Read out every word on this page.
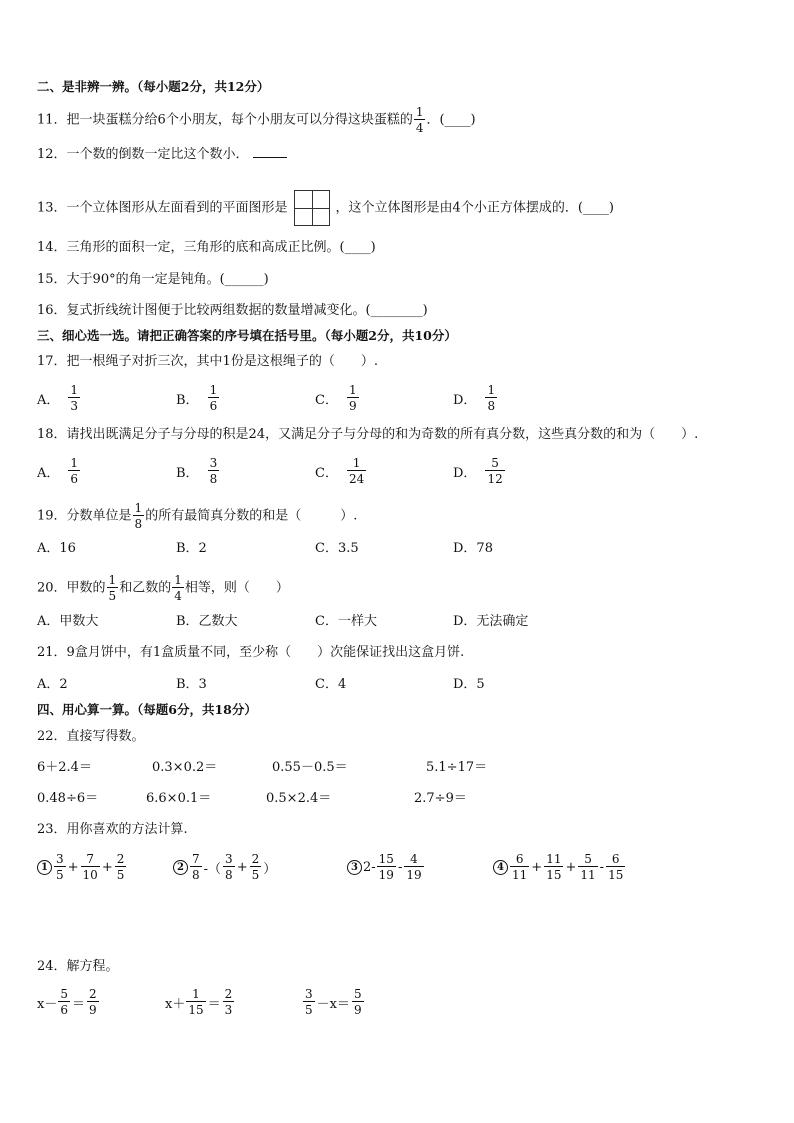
二、是非辨一辨。（每小题2分，共12分）
11．把一块蛋糕分给6个小朋友，每个小朋友可以分得这块蛋糕的 $\frac{1}{4}$ ．(____)
12．一个数的倒数一定比这个数小．
13．一个立体图形从左面看到的平面图形是	，这个立体图形是由4个小正方体摆成的．(____)
14．三角形的面积一定，三角形的底和高成正比例。(____)
15．大于90°的角一定是钝角。(______)
16．复式折线统计图便于比较两组数据的数量增减变化。(________)
三、细心选一选。请把正确答案的序号填在括号里。（每小题2分，共10分）
17．把一根绳子对折三次，其中1份是这根绳子的（　　）.
A． $\frac{1}{3}$	B． $\frac{1}{6}$	C． $\frac{1}{9}$	D． $\frac{1}{8}$
18．请找出既满足分子与分母的积是24，又满足分子与分母的和为奇数的所有真分数，这些真分数的和为（　　）.
A． $\frac{1}{6}$	B． $\frac{3}{8}$	C． $\frac{1}{24}$	D． $\frac{5}{12}$
19．分数单位是 $\frac{1}{8}$ 的所有最简真分数的和是（　　　）.
A．16	B．2	C．3.5	D．78
20．甲数的 $\frac{1}{5}$ 和乙数的 $\frac{1}{4}$ 相等，则（　　）
A．甲数大	B．乙数大	C．一样大	D．无法确定
21．9盒月饼中，有1盒质量不同，至少称（　　）次能保证找出这盒月饼.
A．2	B．3	C．4	D．5
四、用心算一算。（每题6分，共18分）
22．直接写得数。
6＋2.4＝	0.3×0.2＝	0.55－0.5＝	5.1÷17＝
0.48÷6＝	6.6×0.1＝	0.5×2.4＝	2.7÷9＝
23．用你喜欢的方法计算.
$1 \frac{3}{5} + \frac{7}{10} + \frac{2}{5}$	$2 \frac{7}{8}$ -（ $\frac{3}{8} + \frac{2}{5}$ ）	3 $2- \frac{15}{19} - \frac{4}{19}$	$4 \frac{6}{11} + \frac{11}{15} + \frac{5}{11} - \frac{6}{15}$
24．解方程。
$x- \frac{5}{6} = \frac{2}{9}$	$x+ \frac{1}{15} = \frac{2}{3}$	$\frac{3}{5} -x= \frac{5}{9}$
